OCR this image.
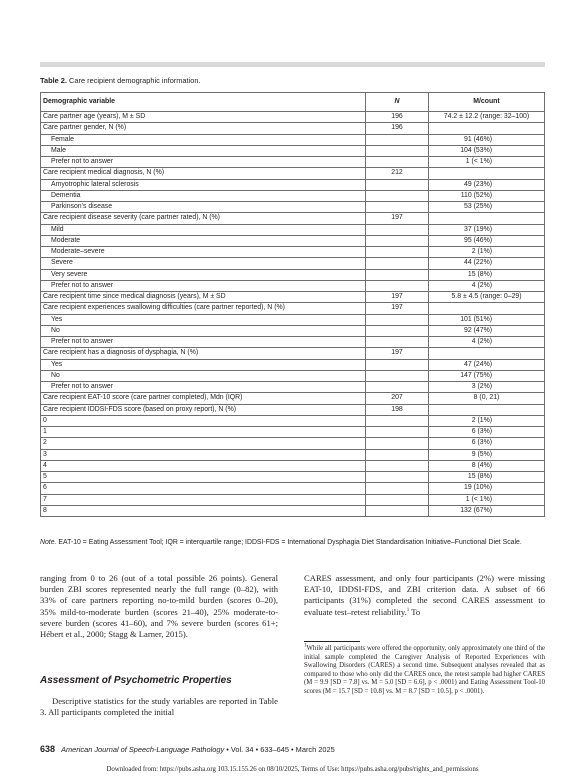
Table 2. Care recipient demographic information.
Demographic variable	N	M/count
Care partner age (years), M ± SD	196	74.2 ± 12.2 (range: 32–100)
Care partner gender, N (%)	196	
Female		91 (46%)
Male		104 (53%)
Prefer not to answer		1 (< 1%)
Care recipient medical diagnosis, N (%)	212	
Amyotrophic lateral sclerosis		49 (23%)
Dementia		110 (52%)
Parkinson's disease		53 (25%)
Care recipient disease severity (care partner rated), N (%)	197	
Mild		37 (19%)
Moderate		95 (46%)
Moderate–severe		2 (1%)
Severe		44 (22%)
Very severe		15 (8%)
Prefer not to answer		4 (2%)
Care recipient time since medical diagnosis (years), M ± SD	197	5.8 ± 4.5 (range: 0–29)
Care recipient experiences swallowing difficulties (care partner reported), N (%)	197	
Yes		101 (51%)
No		92 (47%)
Prefer not to answer		4 (2%)
Care recipient has a diagnosis of dysphagia, N (%)	197	
Yes		47 (24%)
No		147 (75%)
Prefer not to answer		3 (2%)
Care recipient EAT-10 score (care partner completed), Mdn (IQR)	207	8 (0, 21)
Care recipient IDDSI-FDS score (based on proxy report), N (%)	198	
0		2 (1%)
1		6 (3%)
2		6 (3%)
3		9 (5%)
4		8 (4%)
5		15 (8%)
6		19 (10%)
7		1 (< 1%)
8		132 (67%)
Note. EAT-10 = Eating Assessment Tool; IQR = interquartile range; IDDSI-FDS = International Dysphagia Diet Standardisation Initiative–Functional Diet Scale.

ranging from 0 to 26 (out of a total possible 26 points). General burden ZBI scores represented nearly the full range (0–82), with 33% of care partners reporting no-to-mild burden (scores 0–20), 35% mild-to-moderate burden (scores 21–40), 25% moderate-to-severe burden (scores 41–60), and 7% severe burden (scores 61+; Hébert et al., 2000; Stagg & Larner, 2015).

Assessment of Psychometric Properties

Descriptive statistics for the study variables are reported in Table 3. All participants completed the initial

CARES assessment, and only four participants (2%) were missing EAT-10, IDDSI-FDS, and ZBI criterion data. A subset of 66 participants (31%) completed the second CARES assessment to evaluate test–retest reliability.$^1$ To

$^1$While all participants were offered the opportunity, only approximately one third of the initial sample completed the Caregiver Analysis of Reported Experiences with Swallowing Disorders (CARES) a second time. Subsequent analyses revealed that as compared to those who only did the CARES once, the retest sample had higher CARES (M = 9.9 [SD = 7.8] vs. M = 5.0 [SD = 6.6], p < .0001) and Eating Assessment Tool-10 scores (M = 15.7 [SD = 10.8] vs. M = 8.7 [SD = 10.5], p < .0001).
638 American Journal of Speech-Language Pathology • Vol. 34 • 633–645 • March 2025
Downloaded from: https://pubs.asha.org 103.15.155.26 on 08/10/2025, Terms of Use: https://pubs.asha.org/pubs/rights_and_permissions
